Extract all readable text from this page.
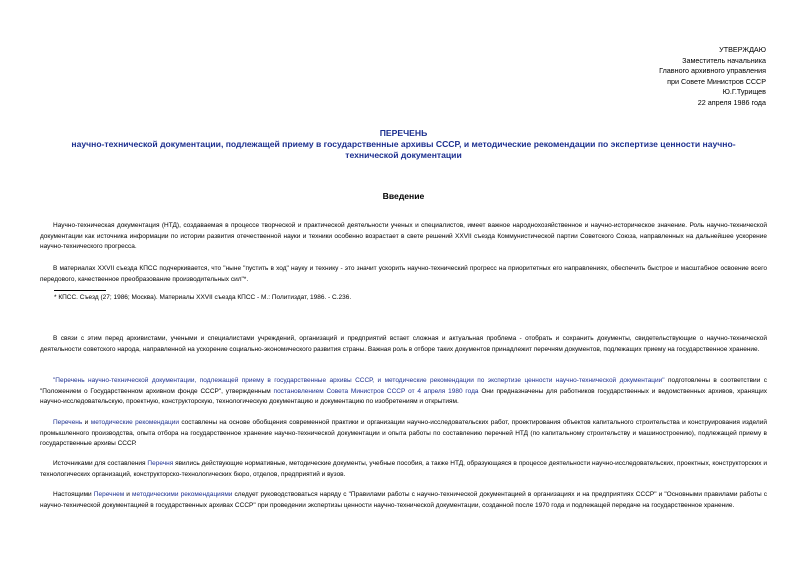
УТВЕРЖДАЮ
Заместитель начальника
Главного архивного управления
при Совете Министров СССР
Ю.Г.Турищев
22 апреля 1986 года
ПЕРЕЧЕНЬ
научно-технической документации, подлежащей приему в государственные архивы СССР, и методические рекомендации по экспертизе ценности научно-
технической документации
Введение
Научно-техническая документация (НТД), создаваемая в процессе творческой и практической деятельности ученых и специалистов, имеет важное народнохозяйственное и научно-историческое значение. Роль научно-технической документации как источника информации по истории развития отечественной науки и техники особенно возрастает в свете решений XXVII съезда Коммунистической партии Советского Союза, направленных на дальнейшее ускорение научно-технического прогресса.
В материалах XXVII съезда КПСС подчеркивается, что "ныне "пустить в ход" науку и технику - это значит ускорить научно-технический прогресс на приоритетных его направлениях, обеспечить быстрое и масштабное освоение всего передового, качественное преобразование производительных сил"*.
* КПСС. Съезд (27; 1986; Москва). Материалы XXVII съезда КПСС - М.: Политиздат, 1986. - С.236.
В связи с этим перед архивистами, учеными и специалистами учреждений, организаций и предприятий встает сложная и актуальная проблема - отобрать и сохранить документы, свидетельствующие о научно-технической деятельности советского народа, направленной на ускорение социально-экономического развития страны. Важная роль в отборе таких документов принадлежит перечням документов, подлежащих приему на государственное хранение.
"Перечень научно-технической документации, подлежащей приему в государственные архивы СССР, и методические рекомендации по экспертизе ценности научно-технической документации" подготовлены в соответствии с "Положением о Государственном архивном фонде СССР", утвержденным постановлением Совета Министров СССР от 4 апреля 1980 года Они предназначены для работников государственных и ведомственных архивов, хранящих научно-исследовательскую, проектную, конструкторскую, технологическую документацию и документацию по изобретениям и открытиям.
Перечень и методические рекомендации составлены на основе обобщения современной практики и организации научно-исследовательских работ, проектирования объектов капитального строительства и конструирования изделий промышленного производства, опыта отбора на государственное хранение научно-технической документации и опыта работы по составлению перечней НТД (по капитальному строительству и машиностроению), подлежащей приему в государственные архивы СССР.
Источниками для составления Перечня явились действующие нормативные, методические документы, учебные пособия, а также НТД, образующаяся в процессе деятельности научно-исследовательских, проектных, конструкторских и технологических организаций, конструкторско-технологических бюро, отделов, предприятий и вузов.
Настоящими Перечнем и методическими рекомендациями следует руководствоваться наряду с "Правилами работы с научно-технической документацией в организациях и на предприятиях СССР" и "Основными правилами работы с научно-технической документацией в государственных архивах СССР" при проведении экспертизы ценности научно-технической документации, созданной после 1970 года и подлежащей передаче на государственное хранение.
